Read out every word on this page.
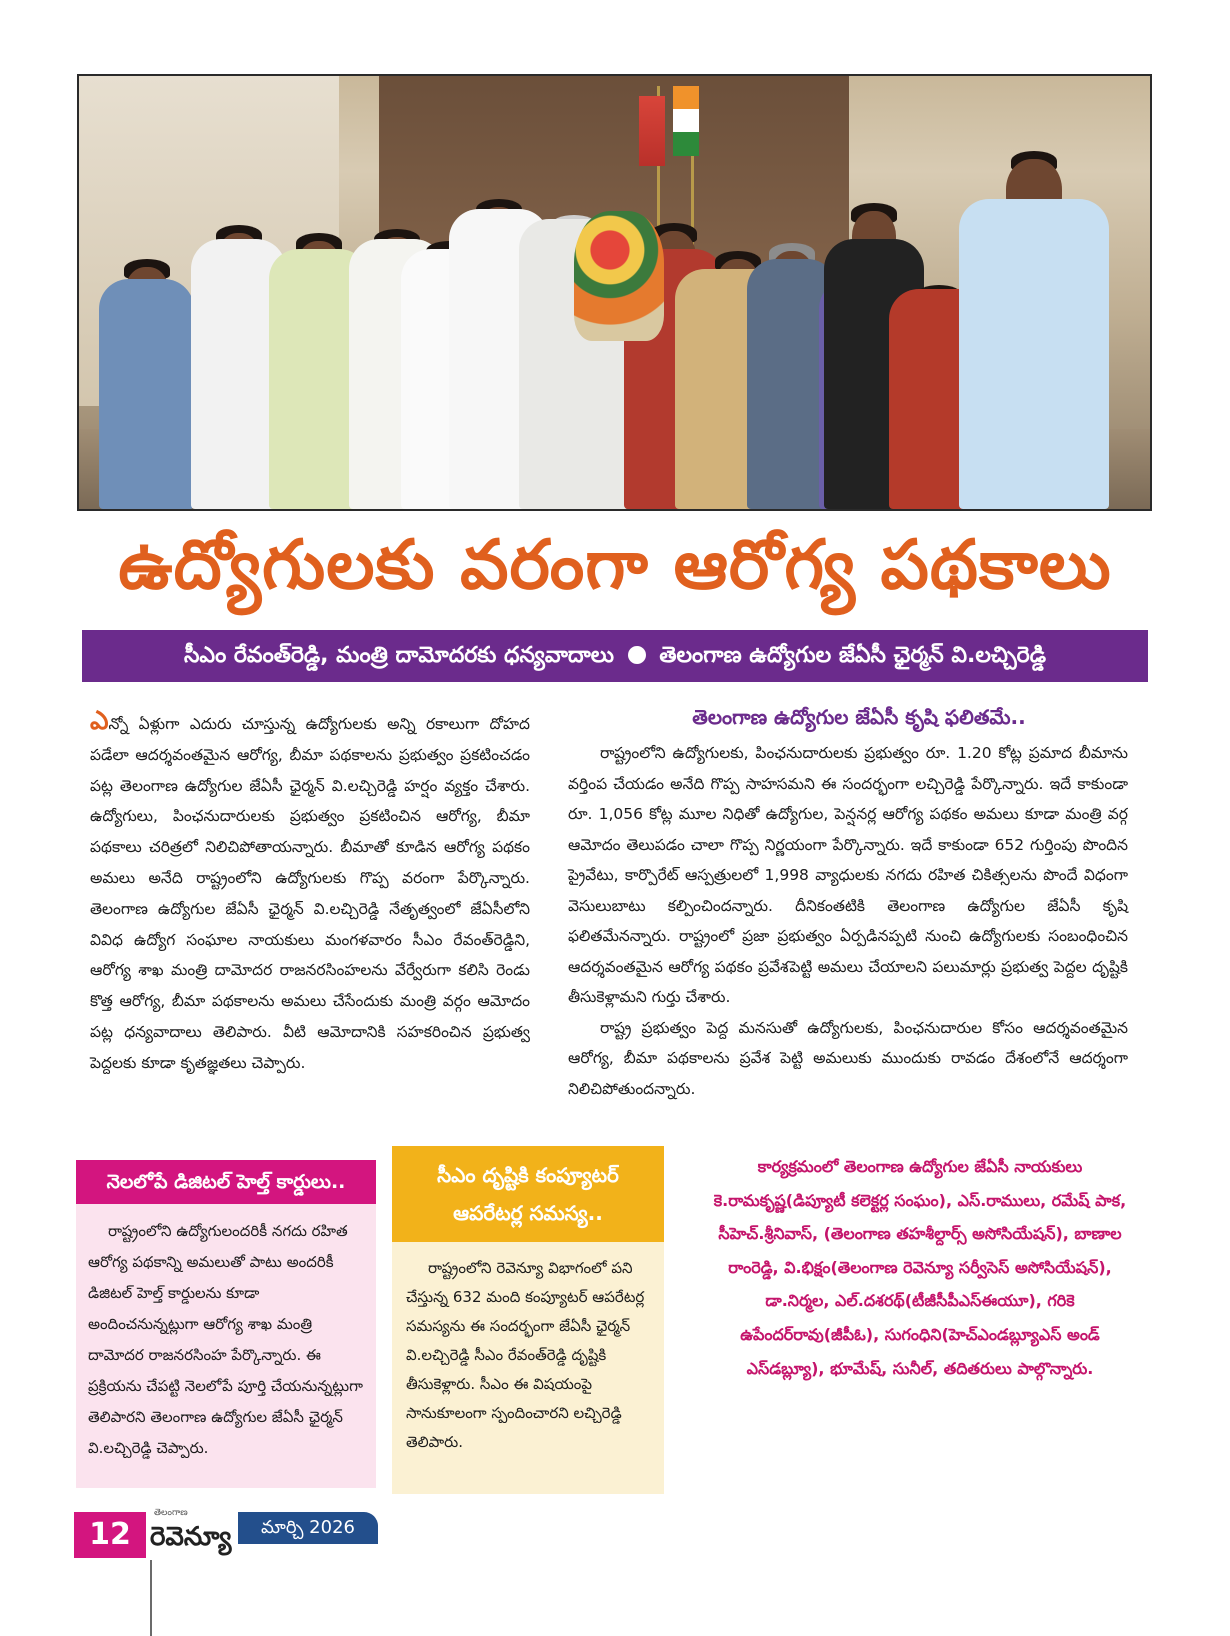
ఉద్యోగులకు వరంగా ఆరోగ్య పథకాలు
సీఎం రేవంత్‌రెడ్డి, మంత్రి దామోదరకు ధన్యవాదాలు తెలంగాణ ఉద్యోగుల జేఏసీ ఛైర్మన్ వి.లచ్చిరెడ్డి
ఎన్నో ఏళ్లుగా ఎదురు చూస్తున్న ఉద్యోగులకు అన్ని రకాలుగా దోహద పడేలా ఆదర్శవంతమైన ఆరోగ్య, బీమా పథకాలను ప్రభుత్వం ప్రకటించడం పట్ల తెలంగాణ ఉద్యోగుల జేఏసీ ఛైర్మన్ వి.లచ్చిరెడ్డి హర్షం వ్యక్తం చేశారు. ఉద్యోగులు, పింఛనుదారులకు ప్రభుత్వం ప్రకటించిన ఆరోగ్య, బీమా పథకాలు చరిత్రలో నిలిచిపోతాయన్నారు. బీమాతో కూడిన ఆరోగ్య పథకం అమలు అనేది రాష్ట్రంలోని ఉద్యోగులకు గొప్ప వరంగా పేర్కొన్నారు. తెలంగాణ ఉద్యోగుల జేఏసీ ఛైర్మన్ వి.లచ్చిరెడ్డి నేతృత్వంలో జేఏసీలోని వివిధ ఉద్యోగ సంఘాల నాయకులు మంగళవారం సీఎం రేవంత్‌రెడ్డిని, ఆరోగ్య శాఖ మంత్రి దామోదర రాజనరసింహలను వేర్వేరుగా కలిసి రెండు కొత్త ఆరోగ్య, బీమా పథకాలను అమలు చేసేందుకు మంత్రి వర్గం ఆమోదం పట్ల ధన్యవాదాలు తెలిపారు. వీటి ఆమోదానికి సహకరించిన ప్రభుత్వ పెద్దలకు కూడా కృతజ్ఞతలు చెప్పారు.
తెలంగాణ ఉద్యోగుల జేఏసీ కృషి ఫలితమే..

రాష్ట్రంలోని ఉద్యోగులకు, పింఛనుదారులకు ప్రభుత్వం రూ. 1.20 కోట్ల ప్రమాద బీమాను వర్తింప చేయడం అనేది గొప్ప సాహసమని ఈ సందర్భంగా లచ్చిరెడ్డి పేర్కొన్నారు. ఇదే కాకుండా రూ. 1,056 కోట్ల మూల నిధితో ఉద్యోగుల, పెన్షనర్ల ఆరోగ్య పథకం అమలు కూడా మంత్రి వర్గ ఆమోదం తెలుపడం చాలా గొప్ప నిర్ణయంగా పేర్కొన్నారు. ఇదే కాకుండా 652 గుర్తింపు పొందిన ప్రైవేటు, కార్పొరేట్ ఆస్పత్రులలో 1,998 వ్యాధులకు నగదు రహిత చికిత్సలను పొందే విధంగా వెసులుబాటు కల్పించిందన్నారు. దీనికంతటికి తెలంగాణ ఉద్యోగుల జేఏసీ కృషి ఫలితమేనన్నారు. రాష్ట్రంలో ప్రజా ప్రభుత్వం ఏర్పడినప్పటి నుంచి ఉద్యోగులకు సంబంధించిన ఆదర్శవంతమైన ఆరోగ్య పథకం ప్రవేశపెట్టి అమలు చేయాలని పలుమార్లు ప్రభుత్వ పెద్దల దృష్టికి తీసుకెళ్లామని గుర్తు చేశారు.

రాష్ట్ర ప్రభుత్వం పెద్ద మనసుతో ఉద్యోగులకు, పింఛనుదారుల కోసం ఆదర్శవంతమైన ఆరోగ్య, బీమా పథకాలను ప్రవేశ పెట్టి అమలుకు ముందుకు రావడం దేశంలోనే ఆదర్శంగా నిలిచిపోతుందన్నారు.

నెలలోపే డిజిటల్ హెల్త్ కార్డులు..
రాష్ట్రంలోని ఉద్యోగులందరికీ నగదు రహిత ఆరోగ్య పథకాన్ని అమలుతో పాటు అందరికీ డిజిటల్ హెల్త్ కార్డులను కూడా అందించనున్నట్లుగా ఆరోగ్య శాఖ మంత్రి దామోదర రాజనరసింహ పేర్కొన్నారు. ఈ ప్రక్రియను చేపట్టి నెలలోపే పూర్తి చేయనున్నట్లుగా తెలిపారని తెలంగాణ ఉద్యోగుల జేఏసీ ఛైర్మన్ వి.లచ్చిరెడ్డి చెప్పారు.
సీఎం దృష్టికి కంప్యూటర్
ఆపరేటర్ల సమస్య..
రాష్ట్రంలోని రెవెన్యూ విభాగంలో పని చేస్తున్న 632 మంది కంప్యూటర్ ఆపరేటర్ల సమస్యను ఈ సందర్భంగా జేఏసీ ఛైర్మన్ వి.లచ్చిరెడ్డి సీఎం రేవంత్‌రెడ్డి దృష్టికి తీసుకెళ్లారు. సీఎం ఈ విషయంపై సానుకూలంగా స్పందించారని లచ్చిరెడ్డి తెలిపారు.
కార్యక్రమంలో తెలంగాణ ఉద్యోగుల జేఏసీ నాయకులు కె.రామకృష్ణ(డిప్యూటీ కలెక్టర్ల సంఘం), ఎస్.రాములు, రమేష్ పాక, సీహెచ్.శ్రీనివాస్, (తెలంగాణ తహశీల్దార్స్ అసోసియేషన్), బాణాల రాంరెడ్డి, వి.భిక్షం(తెలంగాణ రెవెన్యూ సర్వీసెస్ అసోసియేషన్), డా.నిర్మల, ఎల్.దశరథ్(టీజీసీపీఎస్ఈయూ), గరికె ఉపేందర్‌రావు(జీపీఓ), సుగంధిని(హెచ్ఎండబ్ల్యూఎస్ అండ్ ఎస్‌డబ్ల్యూ), భూమేష్, సునీల్, తదితరులు పాల్గొన్నారు.
12
తెలంగాణ
రెవెన్యూ	మార్చి 2026
